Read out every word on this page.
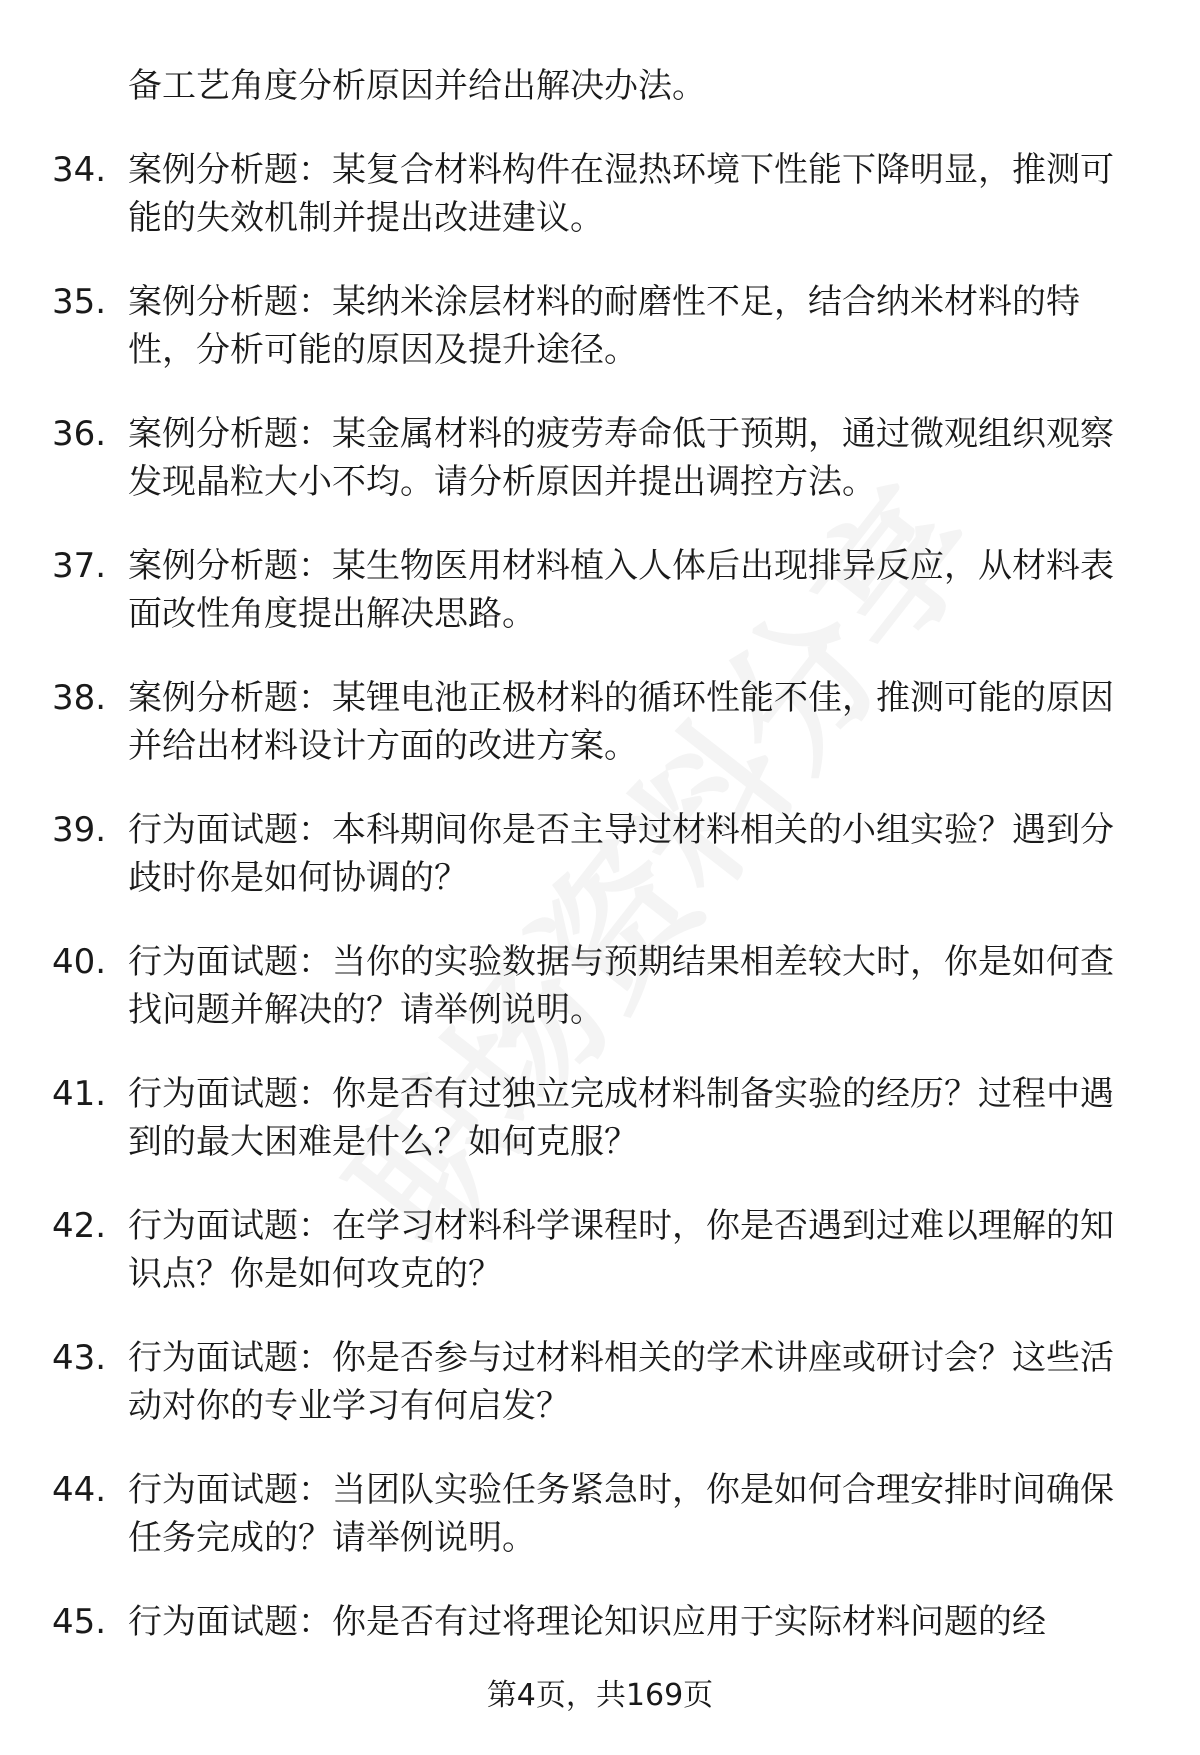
备工艺角度分析原因并给出解决办法。
34. 案例分析题：某复合材料构件在湿热环境下性能下降明显，推测可能的失效机制并提出改进建议。
35. 案例分析题：某纳米涂层材料的耐磨性不足，结合纳米材料的特性，分析可能的原因及提升途径。
36. 案例分析题：某金属材料的疲劳寿命低于预期，通过微观组织观察发现晶粒大小不均。请分析原因并提出调控方法。
37. 案例分析题：某生物医用材料植入人体后出现排异反应，从材料表面改性角度提出解决思路。
38. 案例分析题：某锂电池正极材料的循环性能不佳，推测可能的原因并给出材料设计方面的改进方案。
39. 行为面试题：本科期间你是否主导过材料相关的小组实验？遇到分歧时你是如何协调的？
40. 行为面试题：当你的实验数据与预期结果相差较大时，你是如何查找问题并解决的？请举例说明。
41. 行为面试题：你是否有过独立完成材料制备实验的经历？过程中遇到的最大困难是什么？如何克服？
42. 行为面试题：在学习材料科学课程时，你是否遇到过难以理解的知识点？你是如何攻克的？
43. 行为面试题：你是否参与过材料相关的学术讲座或研讨会？这些活动对你的专业学习有何启发？
44. 行为面试题：当团队实验任务紧急时，你是如何合理安排时间确保任务完成的？请举例说明。
45. 行为面试题：你是否有过将理论知识应用于实际材料问题的经
第4页，共169页
